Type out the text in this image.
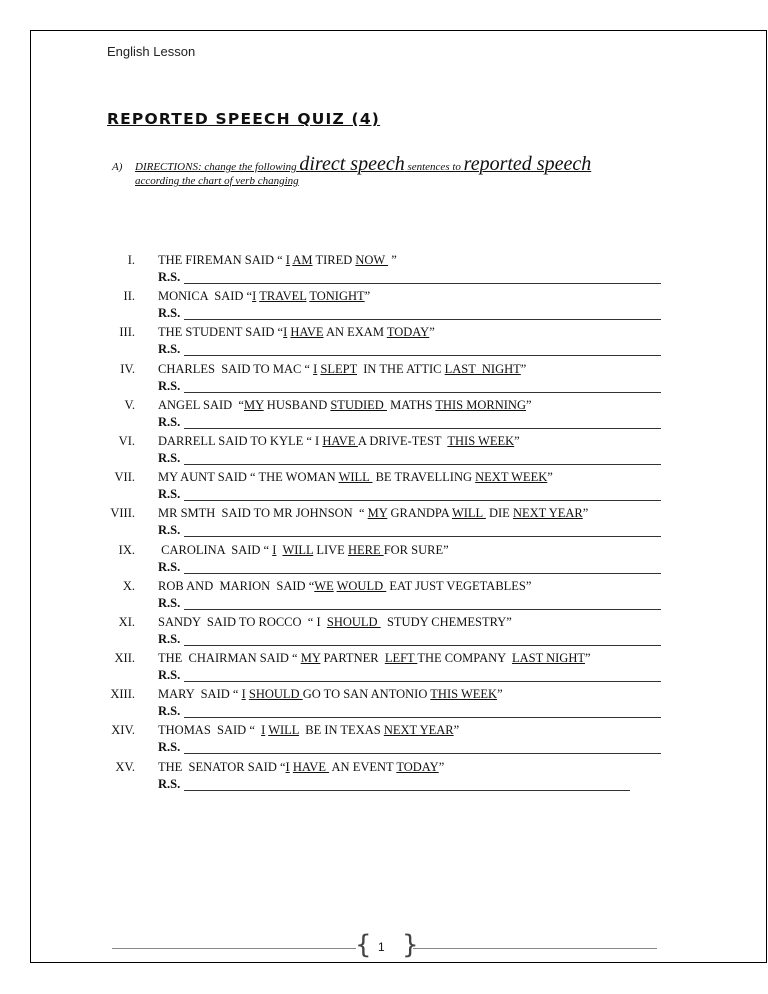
English Lesson
REPORTED SPEECH QUIZ (4)
A) DIRECTIONS: change the following direct speech sentences to reported speech
according the chart of verb changing
I. THE FIREMAN SAID “ I AM TIRED NOW  ”
R.S.
II. MONICA  SAID “I TRAVEL TONIGHT”
R.S.
III. THE STUDENT SAID “I HAVE AN EXAM TODAY”
R.S.
IV. CHARLES  SAID TO MAC “ I SLEPT  IN THE ATTIC LAST  NIGHT”
R.S.
V. ANGEL SAID  “MY HUSBAND STUDIED  MATHS THIS MORNING”
R.S.
VI. DARRELL SAID TO KYLE “ I HAVE A DRIVE-TEST  THIS WEEK”
R.S.
VII. MY AUNT SAID “ THE WOMAN WILL  BE TRAVELLING NEXT WEEK”
R.S.
VIII. MR SMTH  SAID TO MR JOHNSON  “ MY GRANDPA WILL  DIE NEXT YEAR”
R.S.
IX. CAROLINA  SAID “ I WILL LIVE HERE FOR SURE”
R.S.
X. ROB AND  MARION  SAID “WE WOULD  EAT JUST VEGETABLES”
R.S.
XI. SANDY  SAID TO ROCCO  “ I  SHOULD   STUDY CHEMESTRY”
R.S.
XII. THE  CHAIRMAN SAID “ MY PARTNER  LEFT THE COMPANY  LAST NIGHT”
R.S.
XIII. MARY  SAID “ I SHOULD GO TO SAN ANTONIO THIS WEEK”
R.S.
XIV. THOMAS  SAID “  I WILL  BE IN TEXAS NEXT YEAR”
R.S.
XV. THE  SENATOR SAID “I HAVE  AN EVENT TODAY”
R.S.
{ 1 }
